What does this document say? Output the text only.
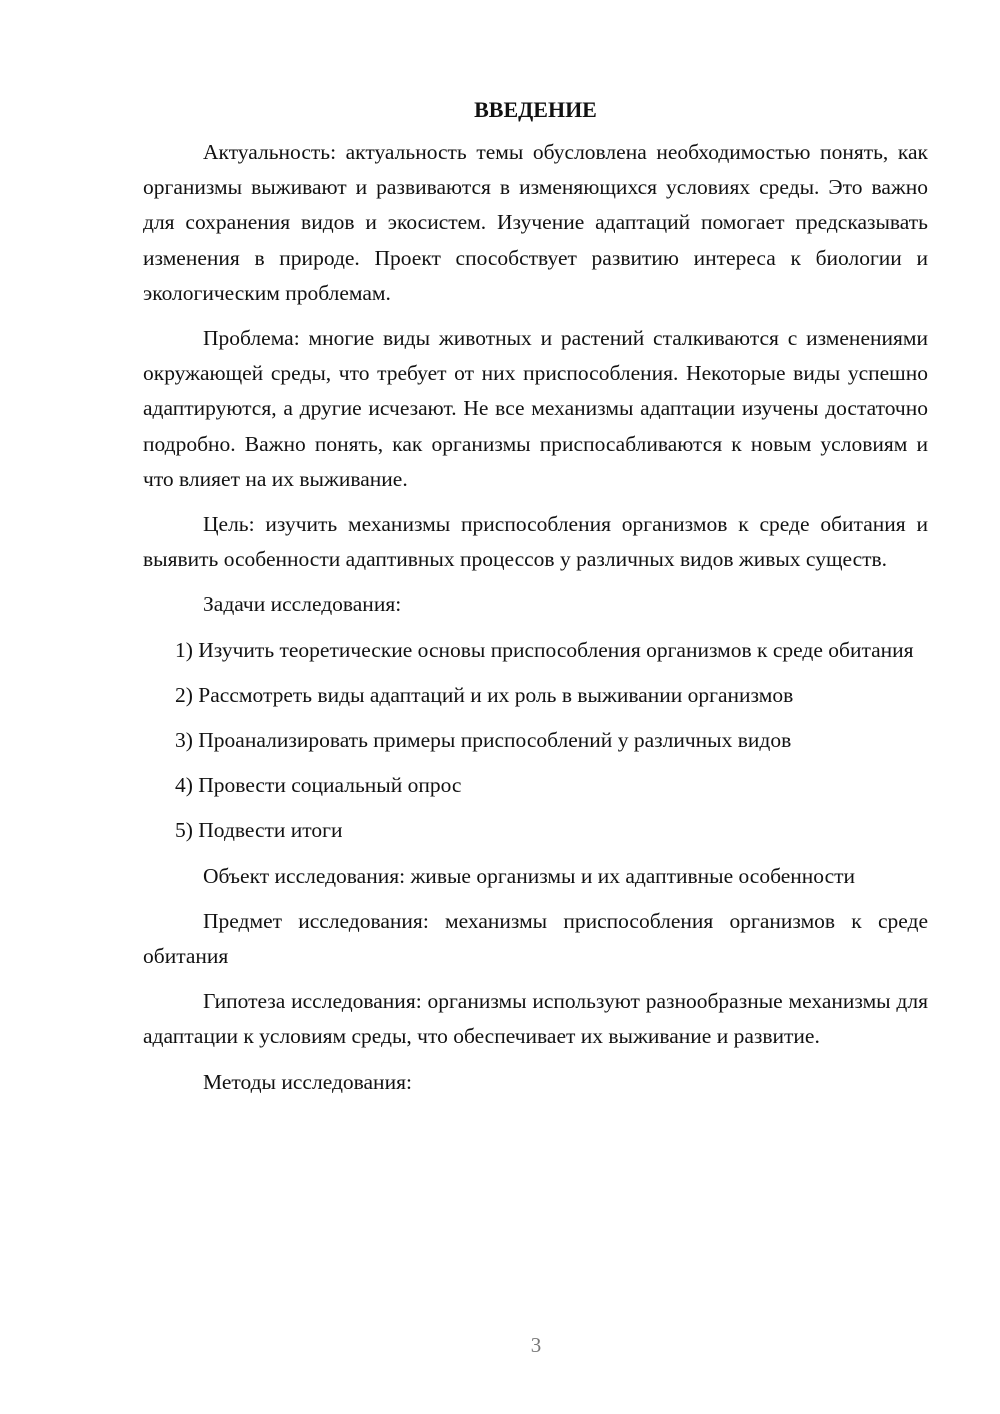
ВВЕДЕНИЕ

Актуальность: актуальность темы обусловлена необходимостью понять, как организмы выживают и развиваются в изменяющихся условиях среды. Это важно для сохранения видов и экосистем. Изучение адаптаций помогает предсказывать изменения в природе. Проект способствует развитию интереса к биологии и экологическим проблемам.

Проблема: многие виды животных и растений сталкиваются с изменениями окружающей среды, что требует от них приспособления. Некоторые виды успешно адаптируются, а другие исчезают. Не все механизмы адаптации изучены достаточно подробно. Важно понять, как организмы приспосабливаются к новым условиям и что влияет на их выживание.

Цель: изучить механизмы приспособления организмов к среде обитания и выявить особенности адаптивных процессов у различных видов живых существ.

Задачи исследования:

1) Изучить теоретические основы приспособления организмов к среде обитания

2) Рассмотреть виды адаптаций и их роль в выживании организмов

3) Проанализировать примеры приспособлений у различных видов

4) Провести социальный опрос

5) Подвести итоги

Объект исследования: живые организмы и их адаптивные особенности

Предмет исследования: механизмы приспособления организмов к среде обитания

Гипотеза исследования: организмы используют разнообразные механизмы для адаптации к условиям среды, что обеспечивает их выживание и развитие.

Методы исследования:

3
